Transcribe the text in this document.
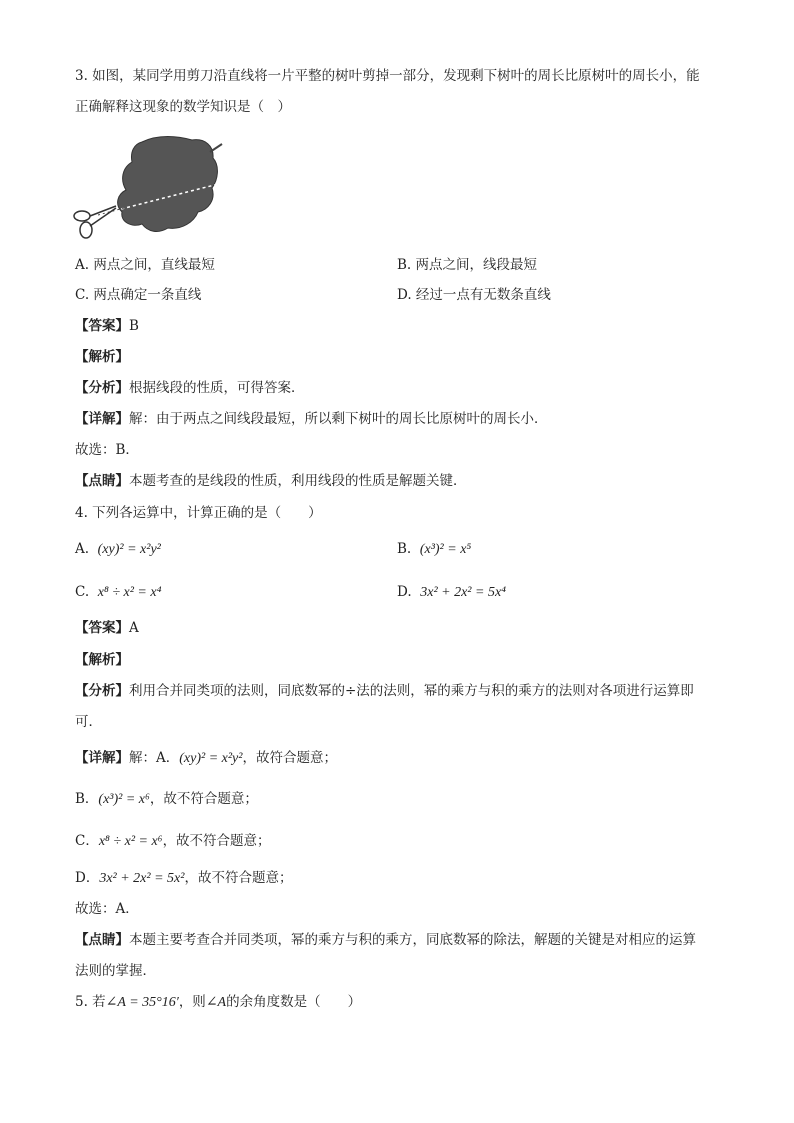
3. 如图，某同学用剪刀沿直线将一片平整的树叶剪掉一部分，发现剩下树叶的周长比原树叶的周长小，能
正确解释这现象的数学知识是（　）
A. 两点之间，直线最短	B. 两点之间，线段最短
C. 两点确定一条直线	D. 经过一点有无数条直线
【答案】B
【解析】
【分析】根据线段的性质，可得答案．
【详解】解：由于两点之间线段最短，所以剩下树叶的周长比原树叶的周长小．
故选：B．
【点睛】本题考查的是线段的性质，利用线段的性质是解题关键．
4. 下列各运算中，计算正确的是（　　）
A. (xy)² = x²y²	B. (x³)² = x⁵
C. x⁸ ÷ x² = x⁴	D. 3x² + 2x² = 5x⁴
【答案】A
【解析】
【分析】利用合并同类项的法则，同底数幂的÷法的法则，幂的乘方与积的乘方的法则对各项进行运算即
可．
【详解】解：A．(xy)² = x²y²，故符合题意；
B．(x³)² = x⁶，故不符合题意；
C．x⁸ ÷ x² = x⁶，故不符合题意；
D．3x² + 2x² = 5x²，故不符合题意；
故选：A．
【点睛】本题主要考查合并同类项，幂的乘方与积的乘方，同底数幂的除法，解题的关键是对相应的运算
法则的掌握．
5. 若∠A = 35°16′，则∠A的余角度数是（　　）
